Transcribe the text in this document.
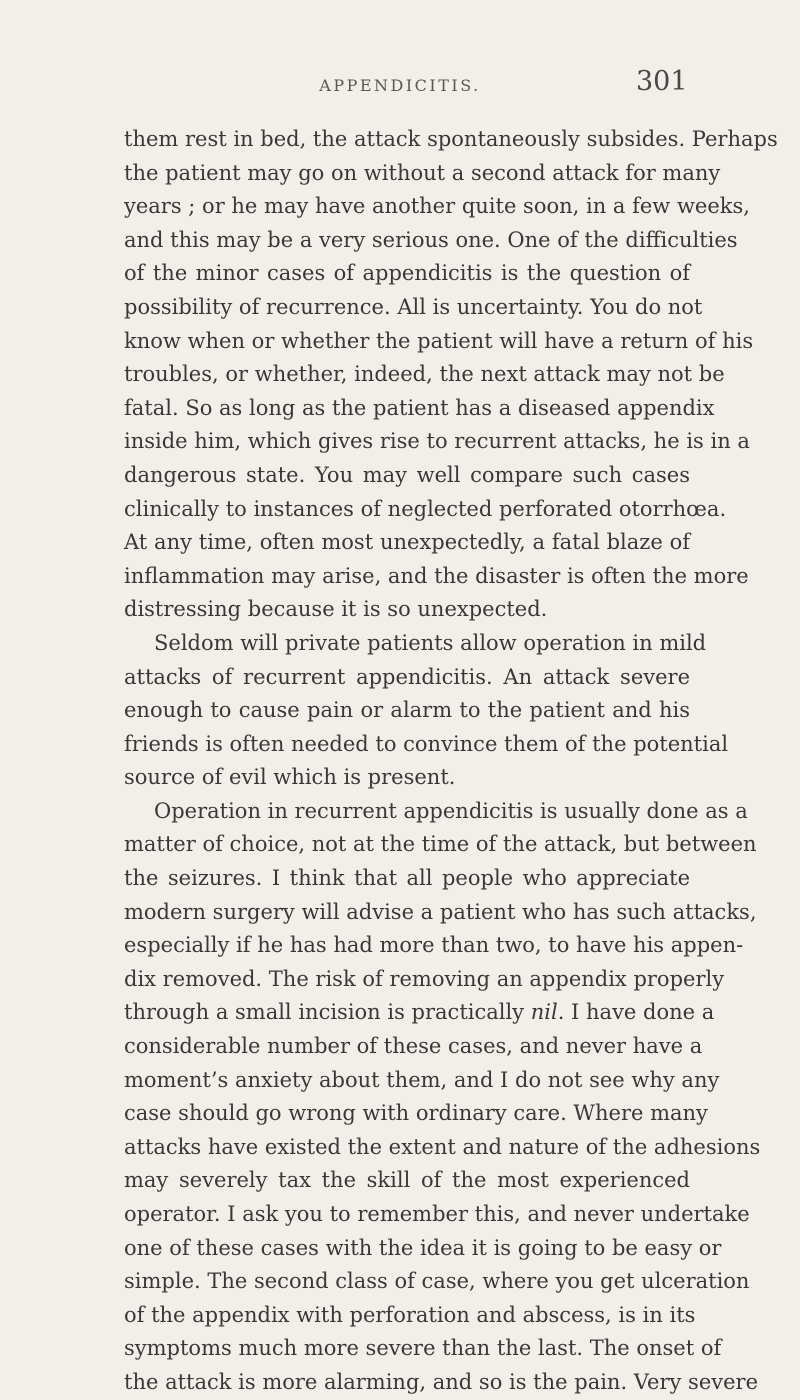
APPENDICITIS.	301
them rest in bed, the attack spontaneously subsides. Perhaps
the patient may go on without a second attack for many
years ; or he may have another quite soon, in a few weeks,
and this may be a very serious one. One of the difficulties
of the minor cases of appendicitis is the question of
possibility of recurrence. All is uncertainty. You do not
know when or whether the patient will have a return of his
troubles, or whether, indeed, the next attack may not be
fatal. So as long as the patient has a diseased appendix
inside him, which gives rise to recurrent attacks, he is in a
dangerous state. You may well compare such cases
clinically to instances of neglected perforated otorrhœa.
At any time, often most unexpectedly, a fatal blaze of
inflammation may arise, and the disaster is often the more
distressing because it is so unexpected.
Seldom will private patients allow operation in mild
attacks of recurrent appendicitis. An attack severe
enough to cause pain or alarm to the patient and his
friends is often needed to convince them of the potential
source of evil which is present.
Operation in recurrent appendicitis is usually done as a
matter of choice, not at the time of the attack, but between
the seizures. I think that all people who appreciate
modern surgery will advise a patient who has such attacks,
especially if he has had more than two, to have his appen-
dix removed. The risk of removing an appendix properly
through a small incision is practically nil. I have done a
considerable number of these cases, and never have a
moment’s anxiety about them, and I do not see why any
case should go wrong with ordinary care. Where many
attacks have existed the extent and nature of the adhesions
may severely tax the skill of the most experienced
operator. I ask you to remember this, and never undertake
one of these cases with the idea it is going to be easy or
simple. The second class of case, where you get ulceration
of the appendix with perforation and abscess, is in its
symptoms much more severe than the last. The onset of
the attack is more alarming, and so is the pain. Very severe
